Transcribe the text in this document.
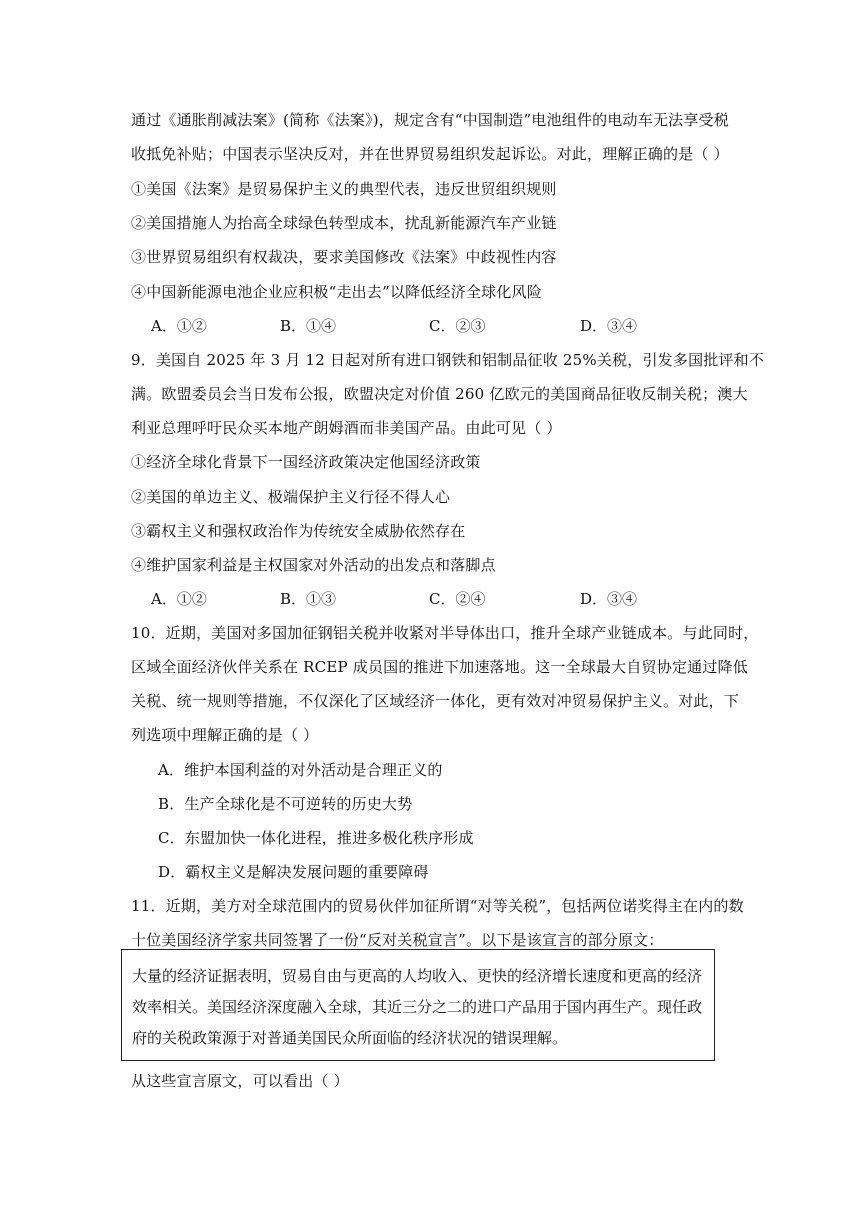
通过《通胀削减法案》(简称《法案》)，规定含有“中国制造”电池组件的电动车无法享受税
收抵免补贴；中国表示坚决反对，并在世界贸易组织发起诉讼。对此，理解正确的是（ ）
①美国《法案》是贸易保护主义的典型代表，违反世贸组织规则
②美国措施人为抬高全球绿色转型成本，扰乱新能源汽车产业链
③世界贸易组织有权裁决，要求美国修改《法案》中歧视性内容
④中国新能源电池企业应积极“走出去”以降低经济全球化风险
A．①②	B．①④	C．②③	D．③④
9．美国自 2025 年 3 月 12 日起对所有进口钢铁和铝制品征收 25%关税，引发多国批评和不
满。欧盟委员会当日发布公报，欧盟决定对价值 260 亿欧元的美国商品征收反制关税；澳大
利亚总理呼吁民众买本地产朗姆酒而非美国产品。由此可见（ ）
①经济全球化背景下一国经济政策决定他国经济政策
②美国的单边主义、极端保护主义行径不得人心
③霸权主义和强权政治作为传统安全威胁依然存在
④维护国家利益是主权国家对外活动的出发点和落脚点
A．①②	B．①③	C．②④	D．③④
10．近期，美国对多国加征钢铝关税并收紧对半导体出口，推升全球产业链成本。与此同时，
区域全面经济伙伴关系在 RCEP 成员国的推进下加速落地。这一全球最大自贸协定通过降低
关税、统一规则等措施，不仅深化了区域经济一体化，更有效对冲贸易保护主义。对此，下
列选项中理解正确的是（ ）
A．维护本国利益的对外活动是合理正义的
B．生产全球化是不可逆转的历史大势
C．东盟加快一体化进程，推进多极化秩序形成
D．霸权主义是解决发展问题的重要障碍
11．近期，美方对全球范围内的贸易伙伴加征所谓“对等关税”，包括两位诺奖得主在内的数
十位美国经济学家共同签署了一份“反对关税宣言”。以下是该宣言的部分原文：
大量的经济证据表明，贸易自由与更高的人均收入、更快的经济增长速度和更高的经济
效率相关。美国经济深度融入全球，其近三分之二的进口产品用于国内再生产。现任政
府的关税政策源于对普通美国民众所面临的经济状况的错误理解。
从这些宣言原文，可以看出（ ）
